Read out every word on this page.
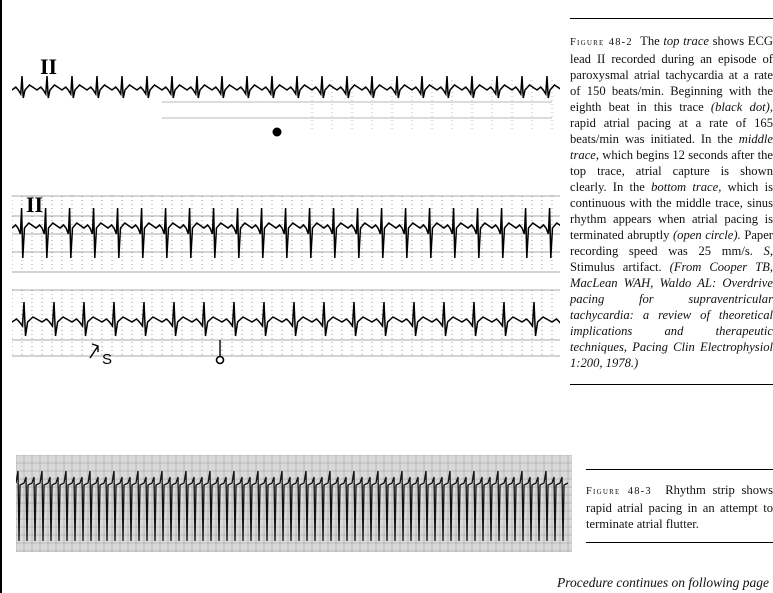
II
II
S
Figure 48-2 The top trace shows ECG lead II recorded during an episode of paroxysmal atrial tachycardia at a rate of 150 beats/min. Beginning with the eighth beat in this trace (black dot), rapid atrial pacing at a rate of 165 beats/min was initiated. In the middle trace, which begins 12 seconds after the top trace, atrial capture is shown clearly. In the bottom trace, which is continuous with the middle trace, sinus rhythm appears when atrial pacing is terminated abruptly (open circle). Paper recording speed was 25 mm/s. S, Stimulus artifact. (From Cooper TB, MacLean WAH, Waldo AL: Overdrive pacing for supraventricular tachycardia: a review of theoretical implications and therapeutic techniques, Pacing Clin Electrophysiol 1:200, 1978.)
Figure 48-3 Rhythm strip shows rapid atrial pacing in an attempt to terminate atrial flutter.
Procedure continues on following page
